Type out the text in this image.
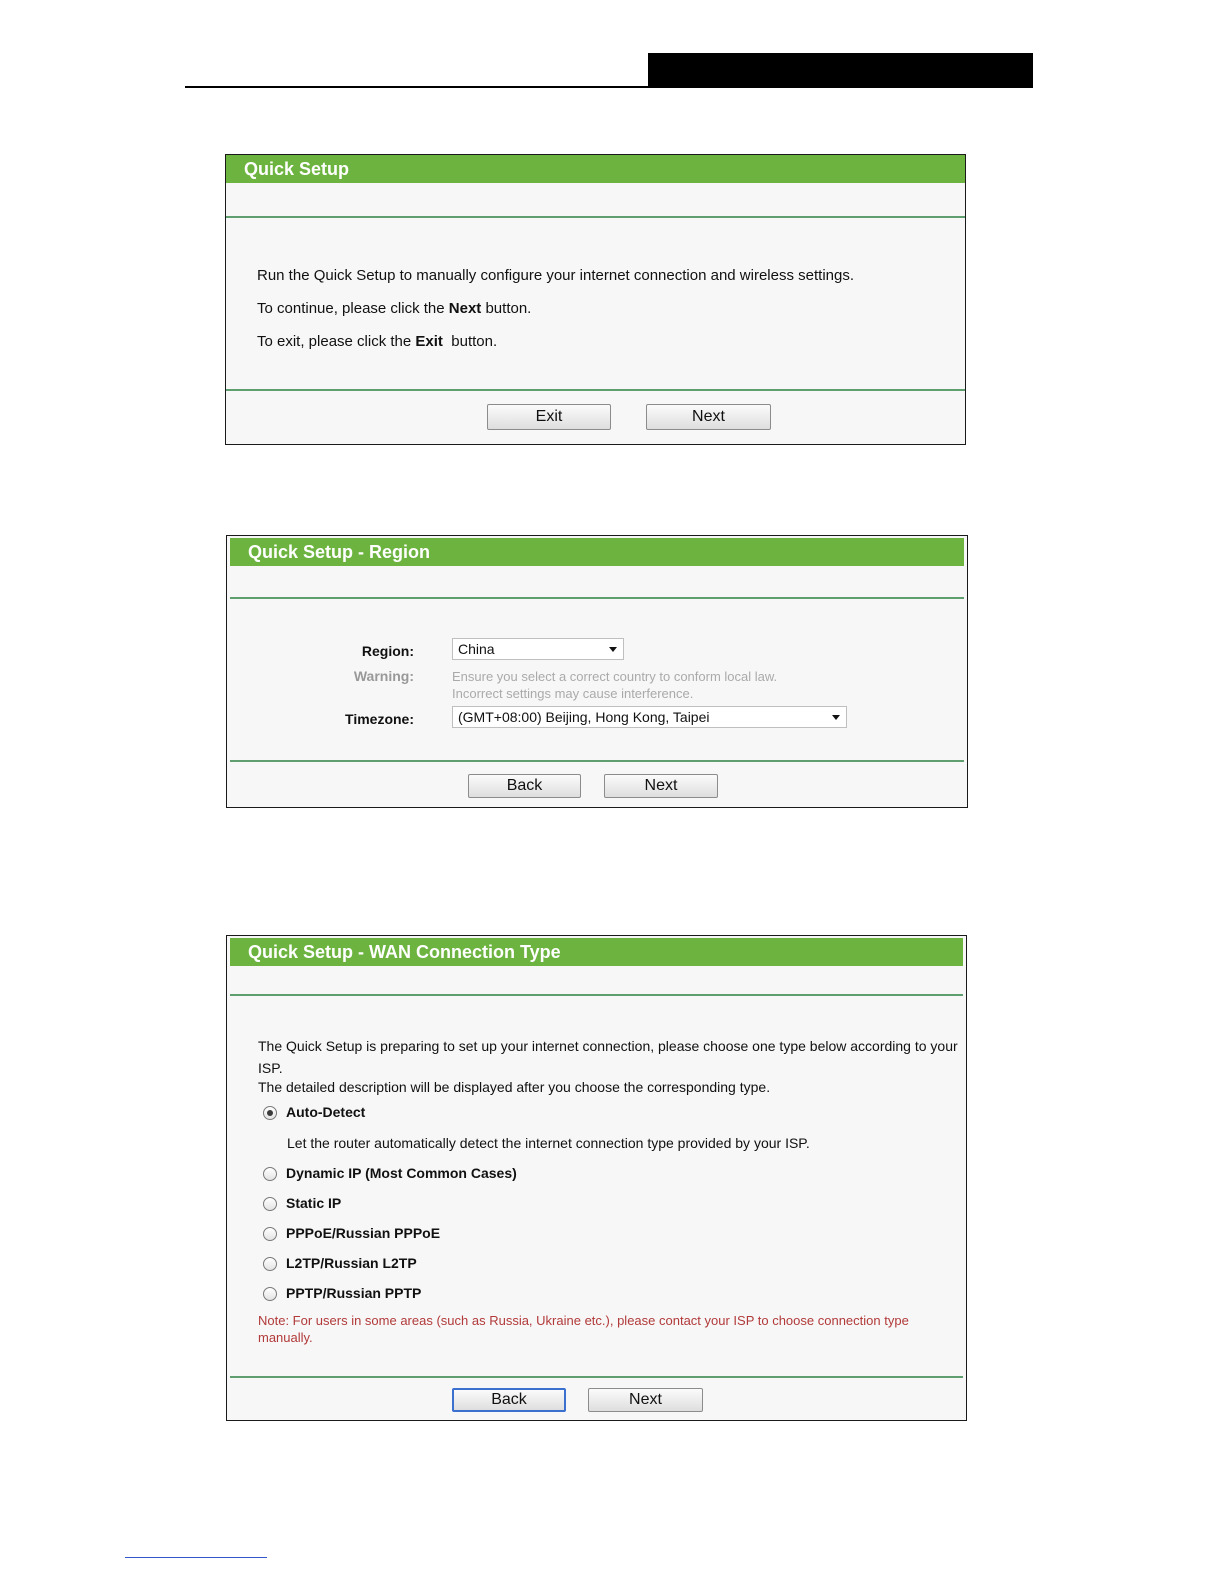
Quick Setup
Run the Quick Setup to manually configure your internet connection and wireless settings.
To continue, please click the Next button.
To exit, please click the Exit  button.
Exit	Next
Quick Setup - Region
Region:	China
Warning:	Ensure you select a correct country to conform local law.
Incorrect settings may cause interference.
Timezone:	(GMT+08:00) Beijing, Hong Kong, Taipei
Back	Next
Quick Setup - WAN Connection Type
The Quick Setup is preparing to set up your internet connection, please choose one type below according to your
ISP.
The detailed description will be displayed after you choose the corresponding type.
Auto-Detect
Let the router automatically detect the internet connection type provided by your ISP.
Dynamic IP (Most Common Cases)
Static IP
PPPoE/Russian PPPoE
L2TP/Russian L2TP
PPTP/Russian PPTP
Note: For users in some areas (such as Russia, Ukraine etc.), please contact your ISP to choose connection type
manually.
Back	Next
